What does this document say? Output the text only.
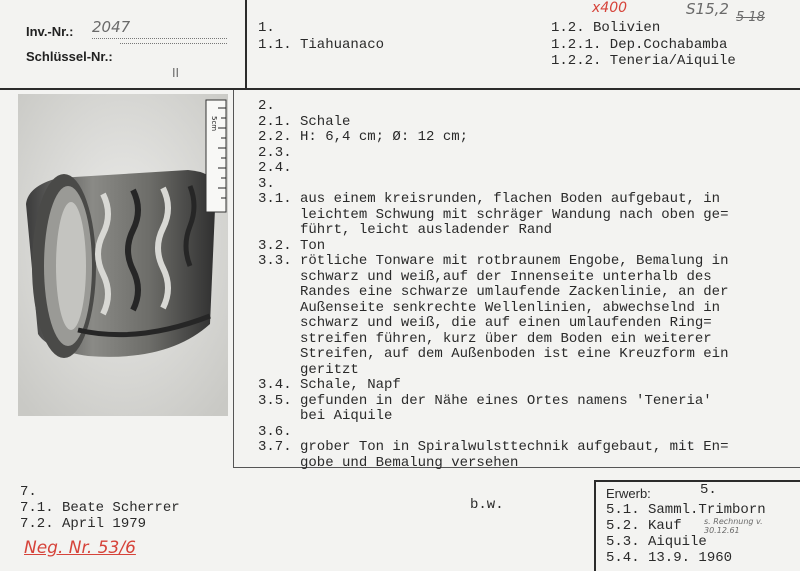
Inv.-Nr.: 2047
Schlüssel-Nr.:
II
1.
1.1. Tiahuanaco
x400	S15,2 5 18
1.2. Bolivien
1.2.1. Dep.Cochabamba
1.2.2. Teneria/Aiquile
5cm
2.
2.1. Schale
2.2. H: 6,4 cm; Ø: 12 cm;
2.3.
2.4.
3.
3.1. aus einem kreisrunden, flachen Boden aufgebaut, in
leichtem Schwung mit schräger Wandung nach oben ge=
führt, leicht ausladender Rand
3.2. Ton
3.3. rötliche Tonware mit rotbraunem Engobe, Bemalung in
schwarz und weiß,auf der Innenseite unterhalb des
Randes eine schwarze umlaufende Zackenlinie, an der
Außenseite senkrechte Wellenlinien, abwechselnd in
schwarz und weiß, die auf einen umlaufenden Ring=
streifen führen, kurz über dem Boden ein weiterer
Streifen, auf dem Außenboden ist eine Kreuzform ein
geritzt
3.4. Schale, Napf
3.5. gefunden in der Nähe eines Ortes namens 'Teneria'
bei Aiquile
3.6.
3.7. grober Ton in Spiralwulsttechnik aufgebaut, mit En=
gobe und Bemalung versehen
7.
7.1. Beate Scherrer
7.2. April 1979
Neg. Nr. 53/6
b.w.
Erwerb:	5.
5.1. Samml.Trimborn
5.2. Kauf	s. Rechnung v. 30.12.61
5.3. Aiquile
5.4. 13.9. 1960
